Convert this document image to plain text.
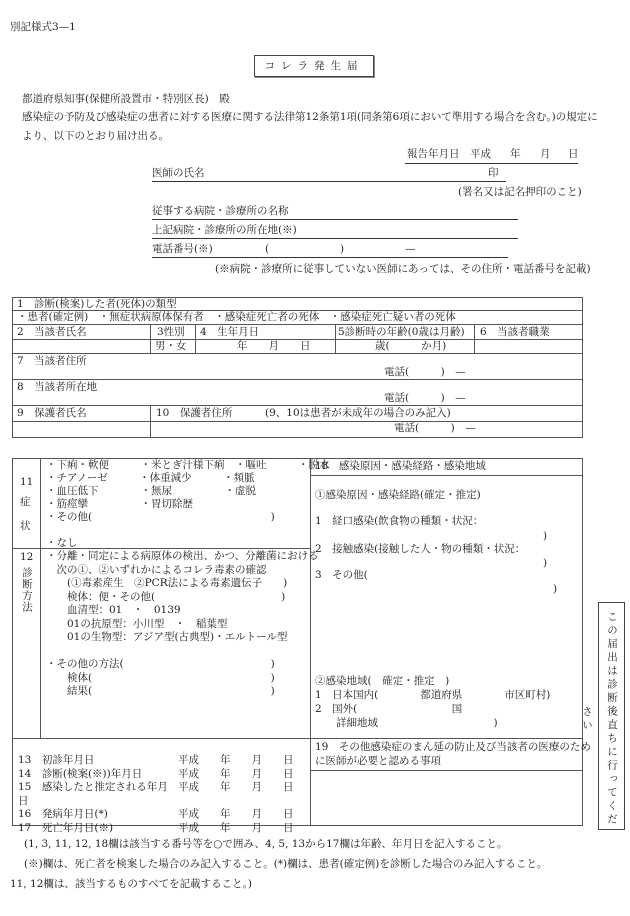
別記様式3—1
コレラ発生届
都道府県知事(保健所設置市・特別区長)　殿
感染症の予防及び感染症の患者に対する医療に関する法律第12条第1項(同条第6項において準用する場合を含む。)の規定に
より、以下のとおり届け出る。
報告年月日 平成 年 月 日
医師の氏名	印
(署名又は記名押印のこと)
従事する病院・診療所の名称
上記病院・診療所の所在地(※)
電話番号(※)	(	)	—
(※病院・診療所に従事していない医師にあっては、その住所・電話番号を記載)
1　診断(検案)した者(死体)の類型
・患者(確定例)　・無症状病原体保有者　・感染症死亡者の死体　・感染症死亡疑い者の死体
2　当該者氏名	3性別 4　生年月日	5診断時の年齢(0歳は月齢) 6　当該者職業
男・女	年　　月　　日	歳(　　　か月)
7　当該者住所
電話(　　　)　—
8　当該者所在地
電話(　　　)　—
9　保護者氏名	10　保護者住所	(9、10は患者が未成年の場合のみ記入)
電話(　　　)　—
11
症
状
・下痢・軟便　　　・米とぎ汁様下痢　・嘔吐　　　・脱水
・チアノーゼ　　　・体重減少　　　・頻脈
・血圧低下　　　　・無尿　　　　　・虚脱
・筋痙攣　　　　　・胃切除歴
・その他(　　　　　　　　　　　　　　　　　)
・なし
12
診断方法
・分離・同定による病原体の検出、かつ、分離菌における
　次の①、②いずれかによるコレラ毒素の確認
　　(①毒素産生　②PCR法による毒素遺伝子　　)
　　検体：便・その他(　　　　　　　　　　　　)
　　血清型：01　・　0139
　　01の抗原型：小川型　・　稲葉型
　　01の生物型：アジア型(古典型)・エルトール型
・その他の方法(　　　　　　　　　　　　　　)
　　検体(　　　　　　　　　　　　　　　　　)
　　結果(　　　　　　　　　　　　　　　　　)
13　初診年月日	平成　　年　　月　　日
14　診断(検案(※))年月日	平成　　年　　月　　日
15　感染したと推定される年月日
平成　　年　　月　　日
16　発病年月日(*)	平成　　年　　月　　日
17　死亡年月日(※)	平成　　年　　月　　日
18　感染原因・感染経路・感染地域
①感染原因・感染経路(確定・推定)
1　経口感染(飲食物の種類・状況：
)
2　接触感染(接触した人・物の種類・状況：
)
3　その他(
)
②感染地域(　確定・推定　)
1　日本国内(　　　　都道府県　　　　市区町村)
2　国外(　　　　　　　　　国
　　詳細地域　　　　　　　　　　　)
19　その他感染症のまん延の防止及び当該者の医療のため
に医師が必要と認める事項	この届出は診断後直ちに行ってください
(1, 3, 11, 12, 18欄は該当する番号等を○で囲み、4, 5, 13から17欄は年齢、年月日を記入すること。
(※)欄は、死亡者を検案した場合のみ記入すること。(*)欄は、患者(確定例)を診断した場合のみ記入すること。
11, 12欄は、該当するものすべてを記載すること。)
